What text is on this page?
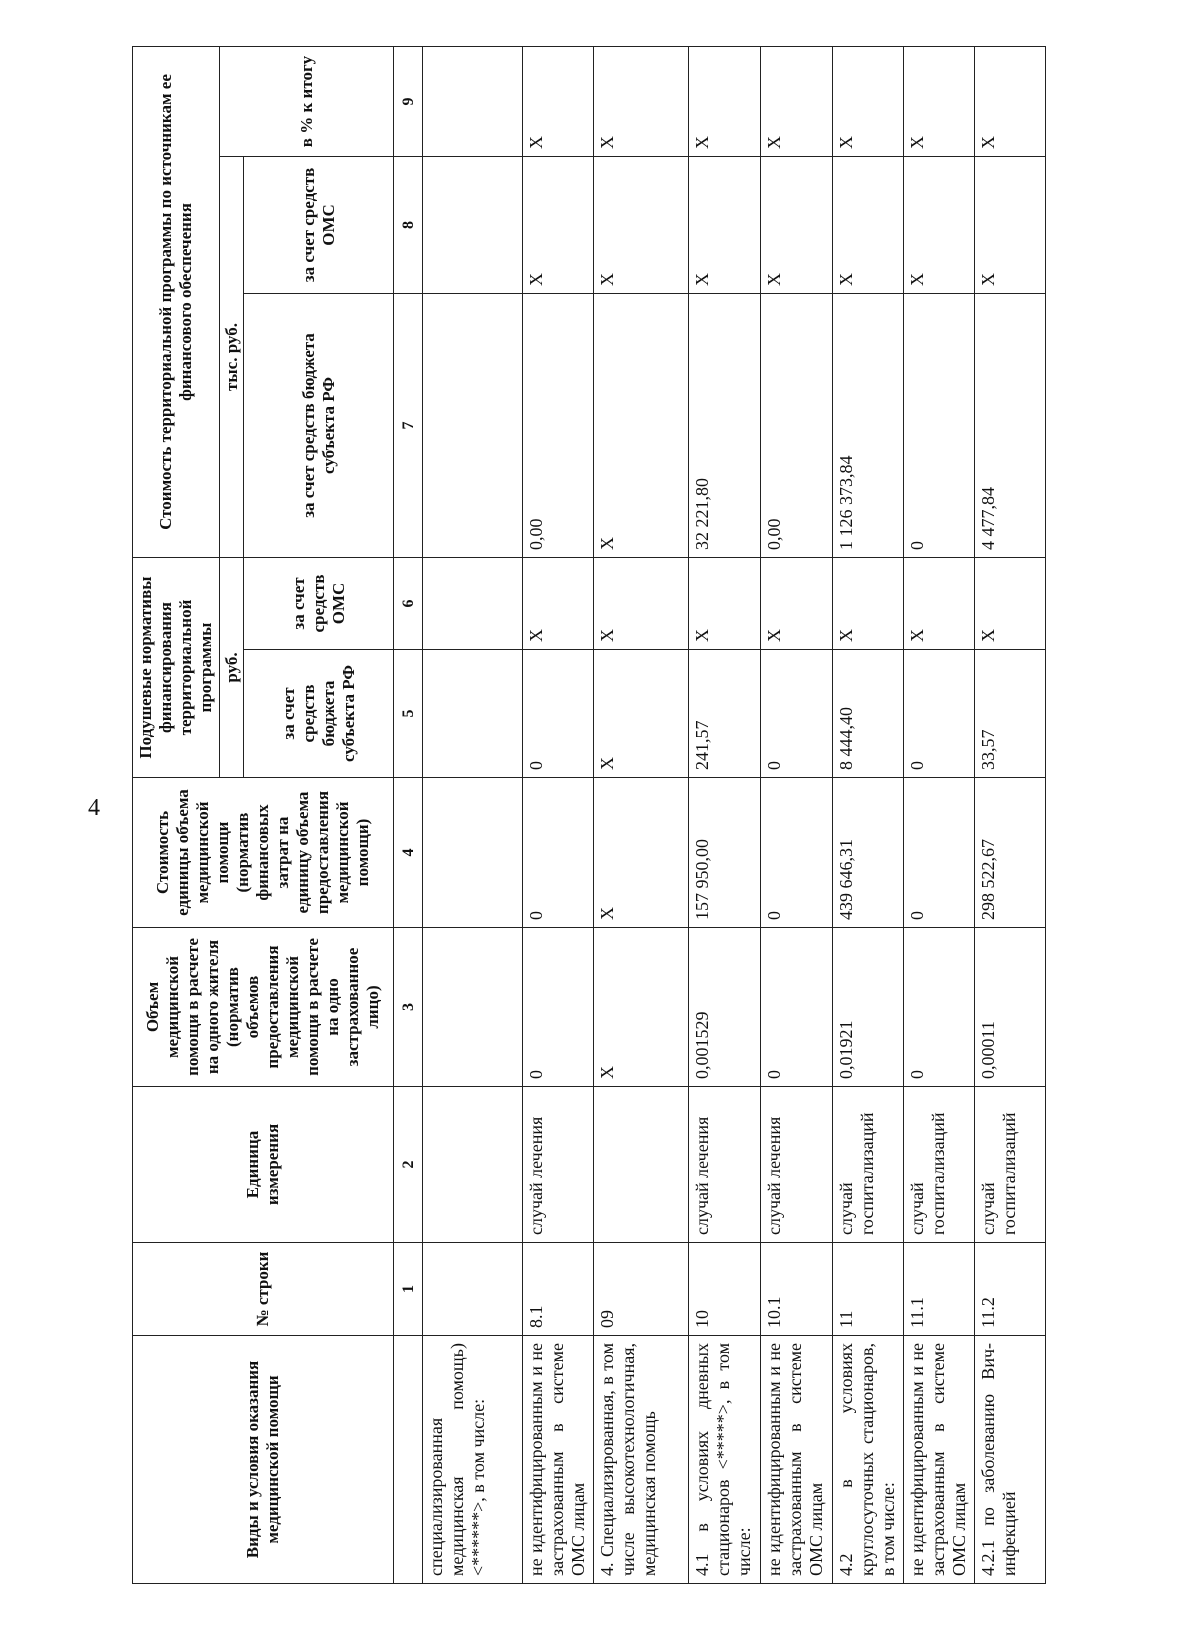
4
Виды и условия оказания медицинской помощи	№ строки	Единица измерения	Объем медицинской помощи в расчете на одного жителя (норматив объемов предоставления медицинской помощи в расчете на одно застрахованное лицо)	Стоимость единицы объема медицинской помощи (норматив финансовых затрат на единицу объема предоставления медицинской помощи)	Подушевые нормативы финансирования территориальной программы		Стоимость территориальной программы по источникам ее финансового обеспечения			
					руб.		тыс. руб.		в % к итогу	
					за счет средств бюджета субъекта РФ	за счет средств ОМС	за счет средств бюджета субъекта РФ	за счет средств ОМС		
	1	2	3	4	5	6	7	8	9	
специализированная медицинская помощь)<******>, в том числе:										
не идентифицированным и не застрахованным в системе ОМС лицам	8.1	случай лечения	0	0	0	X	0,00	X	X	
4. Специализированная, в том числе высокотехнологичная, медицинская помощь	09		X	X	X	X	X	X	X	
4.1 в условиях дневных стационаров <*****>, в том числе:	10	случай лечения	0,001529	157 950,00	241,57	X	32 221,80	X	X	
не идентифицированным и не застрахованным в системе ОМС лицам	10.1	случай лечения	0	0	0	X	0,00	X	X	
4.2 в условиях круглосуточных стационаров, в том числе:	11	случай госпитализаций	0,01921	439 646,31	8 444,40	X	1 126 373,84	X	X	
не идентифицированным и не застрахованным в системе ОМС лицам	11.1	случай госпитализаций	0	0	0	X	0	X	X	
4.2.1 по заболеванию Вич-инфекцией	11.2	случай госпитализаций	0,00011	298 522,67	33,57	X	4 477,84	X	X	
